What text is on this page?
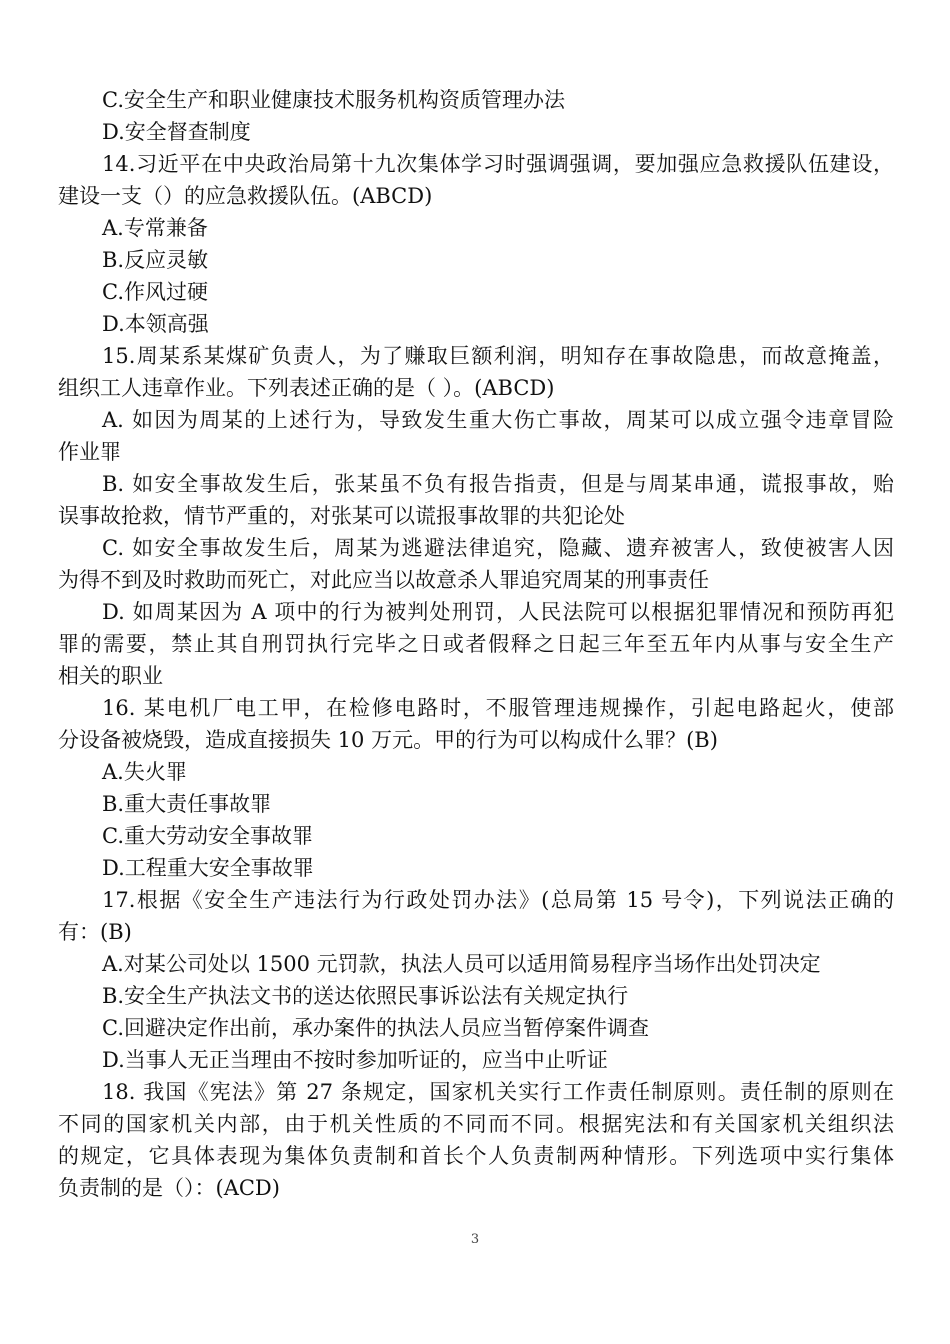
C.安全生产和职业健康技术服务机构资质管理办法
D.安全督查制度
14.习近平在中央政治局第十九次集体学习时强调强调，要加强应急救援队伍建设，
建设一支（）的应急救援队伍。(ABCD)
A.专常兼备
B.反应灵敏
C.作风过硬
D.本领高强
15.周某系某煤矿负责人，为了赚取巨额利润，明知存在事故隐患，而故意掩盖，
组织工人违章作业。下列表述正确的是（ ）。(ABCD)
A. 如因为周某的上述行为，导致发生重大伤亡事故，周某可以成立强令违章冒险
作业罪
B. 如安全事故发生后，张某虽不负有报告指责，但是与周某串通，谎报事故，贻
误事故抢救，情节严重的，对张某可以谎报事故罪的共犯论处
C. 如安全事故发生后，周某为逃避法律追究，隐藏、遗弃被害人，致使被害人因
为得不到及时救助而死亡，对此应当以故意杀人罪追究周某的刑事责任
D. 如周某因为 A 项中的行为被判处刑罚，人民法院可以根据犯罪情况和预防再犯
罪的需要，禁止其自刑罚执行完毕之日或者假释之日起三年至五年内从事与安全生产
相关的职业
16. 某电机厂电工甲，在检修电路时，不服管理违规操作，引起电路起火，使部
分设备被烧毁，造成直接损失 10 万元。甲的行为可以构成什么罪？(B)
A.失火罪
B.重大责任事故罪
C.重大劳动安全事故罪
D.工程重大安全事故罪
17.根据《安全生产违法行为行政处罚办法》(总局第 15 号令)，下列说法正确的
有：(B)
A.对某公司处以 1500 元罚款，执法人员可以适用简易程序当场作出处罚决定
B.安全生产执法文书的送达依照民事诉讼法有关规定执行
C.回避决定作出前，承办案件的执法人员应当暂停案件调查
D.当事人无正当理由不按时参加听证的，应当中止听证
18. 我国《宪法》第 27 条规定，国家机关实行工作责任制原则。责任制的原则在
不同的国家机关内部，由于机关性质的不同而不同。根据宪法和有关国家机关组织法
的规定，它具体表现为集体负责制和首长个人负责制两种情形。下列选项中实行集体
负责制的是（）：(ACD)
3
